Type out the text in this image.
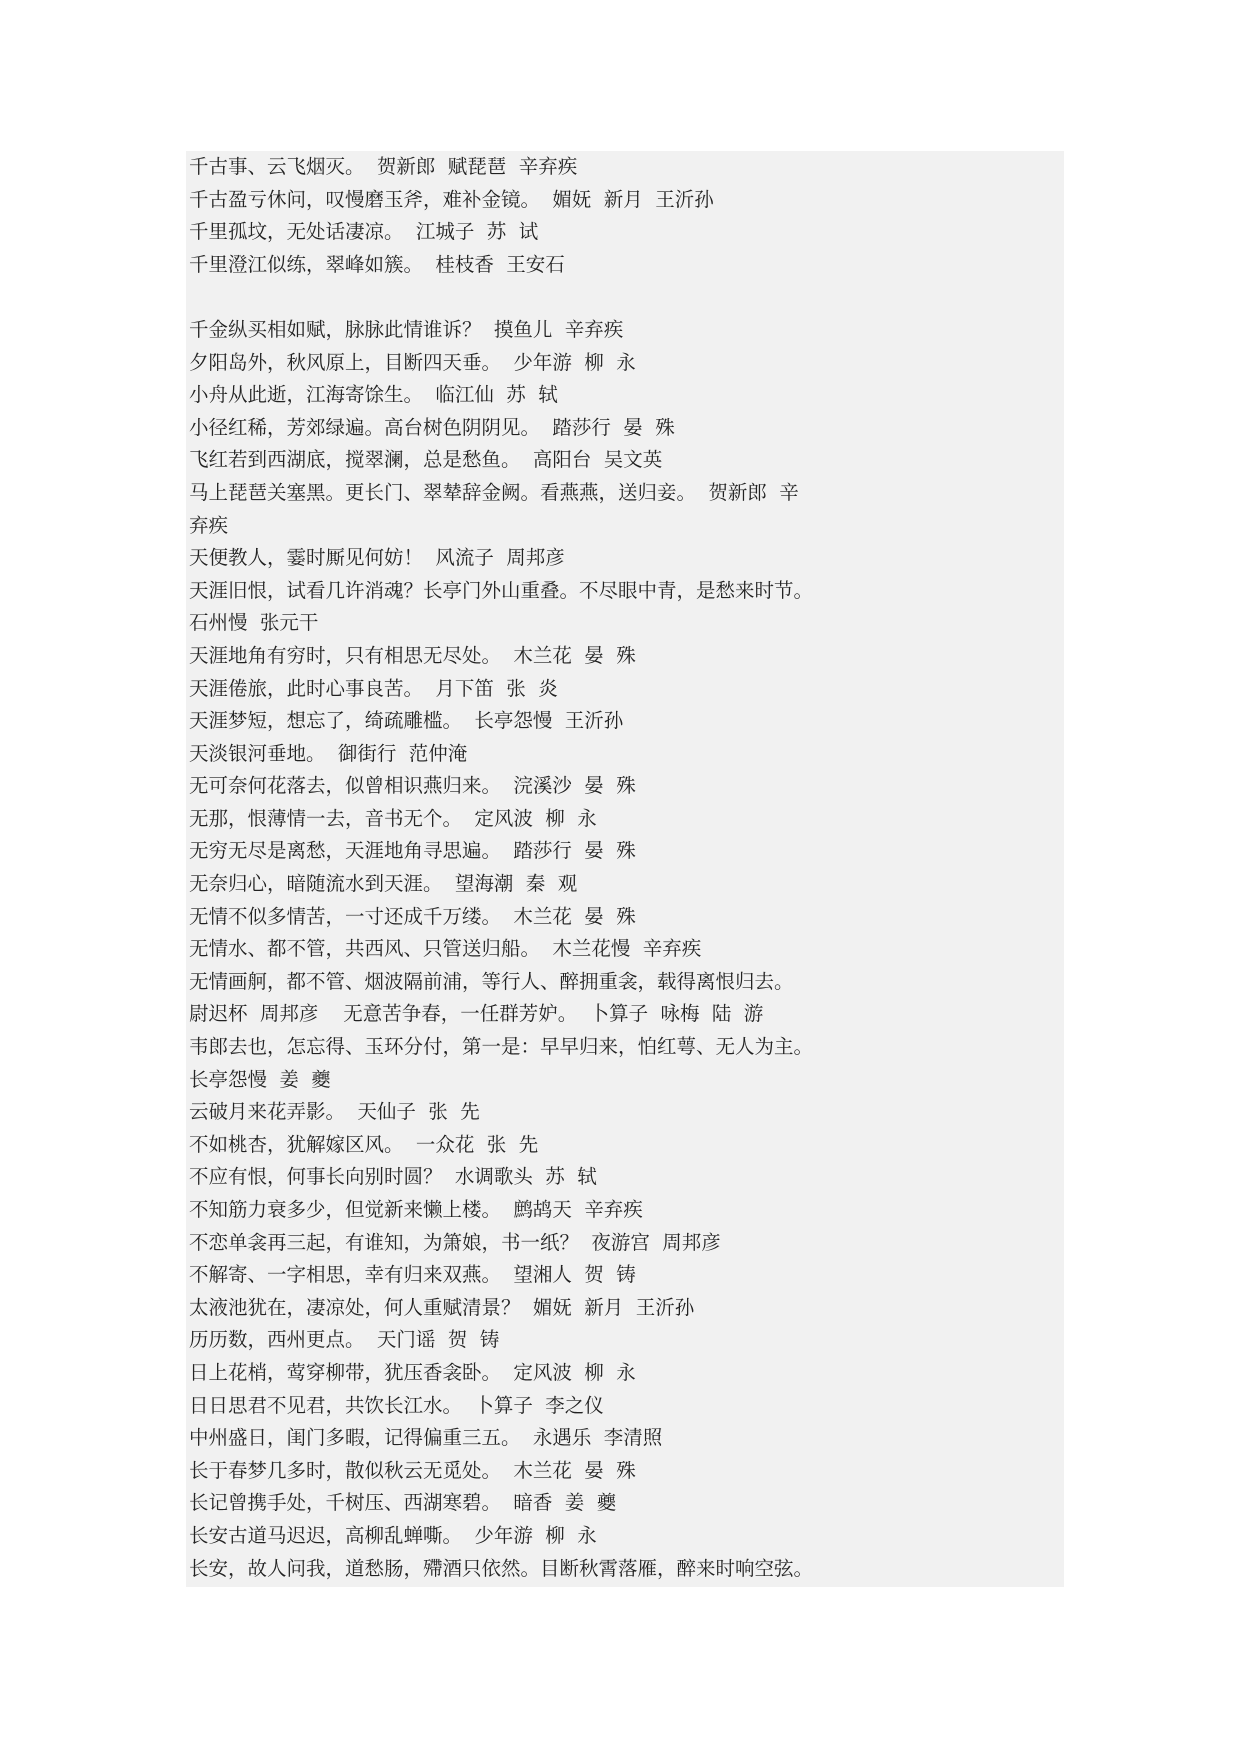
千古事、云飞烟灭。  贺新郎  赋琵琶  辛弃疾
千古盈亏休问，叹慢磨玉斧，难补金镜。  媚妩  新月  王沂孙
千里孤坟，无处话凄凉。  江城子  苏  试
千里澄江似练，翠峰如簇。  桂枝香  王安石
千金纵买相如赋，脉脉此情谁诉？  摸鱼儿  辛弃疾
夕阳岛外，秋风原上，目断四天垂。  少年游  柳  永
小舟从此逝，江海寄馀生。  临江仙  苏  轼
小径红稀，芳郊绿遍。高台树色阴阴见。  踏莎行  晏  殊
飞红若到西湖底，搅翠澜，总是愁鱼。  高阳台  吴文英
马上琵琶关塞黑。更长门、翠辇辞金阙。看燕燕，送归妾。  贺新郎  辛
弃疾
天便教人，霎时厮见何妨！  风流子  周邦彦
天涯旧恨，试看几许消魂？长亭门外山重叠。不尽眼中青，是愁来时节。
石州慢  张元干
天涯地角有穷时，只有相思无尽处。  木兰花  晏  殊
天涯倦旅，此时心事良苦。  月下笛  张  炎
天涯梦短，想忘了，绮疏雕槛。  长亭怨慢  王沂孙
天淡银河垂地。  御街行  范仲淹
无可奈何花落去，似曾相识燕归来。  浣溪沙  晏  殊
无那，恨薄情一去，音书无个。  定风波  柳  永
无穷无尽是离愁，天涯地角寻思遍。  踏莎行  晏  殊
无奈归心，暗随流水到天涯。  望海潮  秦  观
无情不似多情苦，一寸还成千万缕。  木兰花  晏  殊
无情水、都不管，共西风、只管送归船。  木兰花慢  辛弃疾
无情画舸，都不管、烟波隔前浦，等行人、醉拥重衾，载得离恨归去。
尉迟杯  周邦彦    无意苦争春，一任群芳妒。  卜算子  咏梅  陆  游
韦郎去也，怎忘得、玉环分付，第一是：早早归来，怕红萼、无人为主。
长亭怨慢  姜  夔
云破月来花弄影。  天仙子  张  先
不如桃杏，犹解嫁区风。  一众花  张  先
不应有恨，何事长向别时圆？  水调歌头  苏  轼
不知筋力衰多少，但觉新来懒上楼。  鹧鸪天  辛弃疾
不恋单衾再三起，有谁知，为箫娘，书一纸？  夜游宫  周邦彦
不解寄、一字相思，幸有归来双燕。  望湘人  贺  铸
太液池犹在，凄凉处，何人重赋清景？  媚妩  新月  王沂孙
历历数，西州更点。  天门谣  贺  铸
日上花梢，莺穿柳带，犹压香衾卧。  定风波  柳  永
日日思君不见君，共饮长江水。  卜算子  李之仪
中州盛日，闺门多暇，记得偏重三五。  永遇乐  李清照
长于春梦几多时，散似秋云无觅处。  木兰花  晏  殊
长记曾携手处，千树压、西湖寒碧。  暗香  姜  夔
长安古道马迟迟，高柳乱蝉嘶。  少年游  柳  永
长安，故人问我，道愁肠，殢酒只依然。目断秋霄落雁，醉来时响空弦。
